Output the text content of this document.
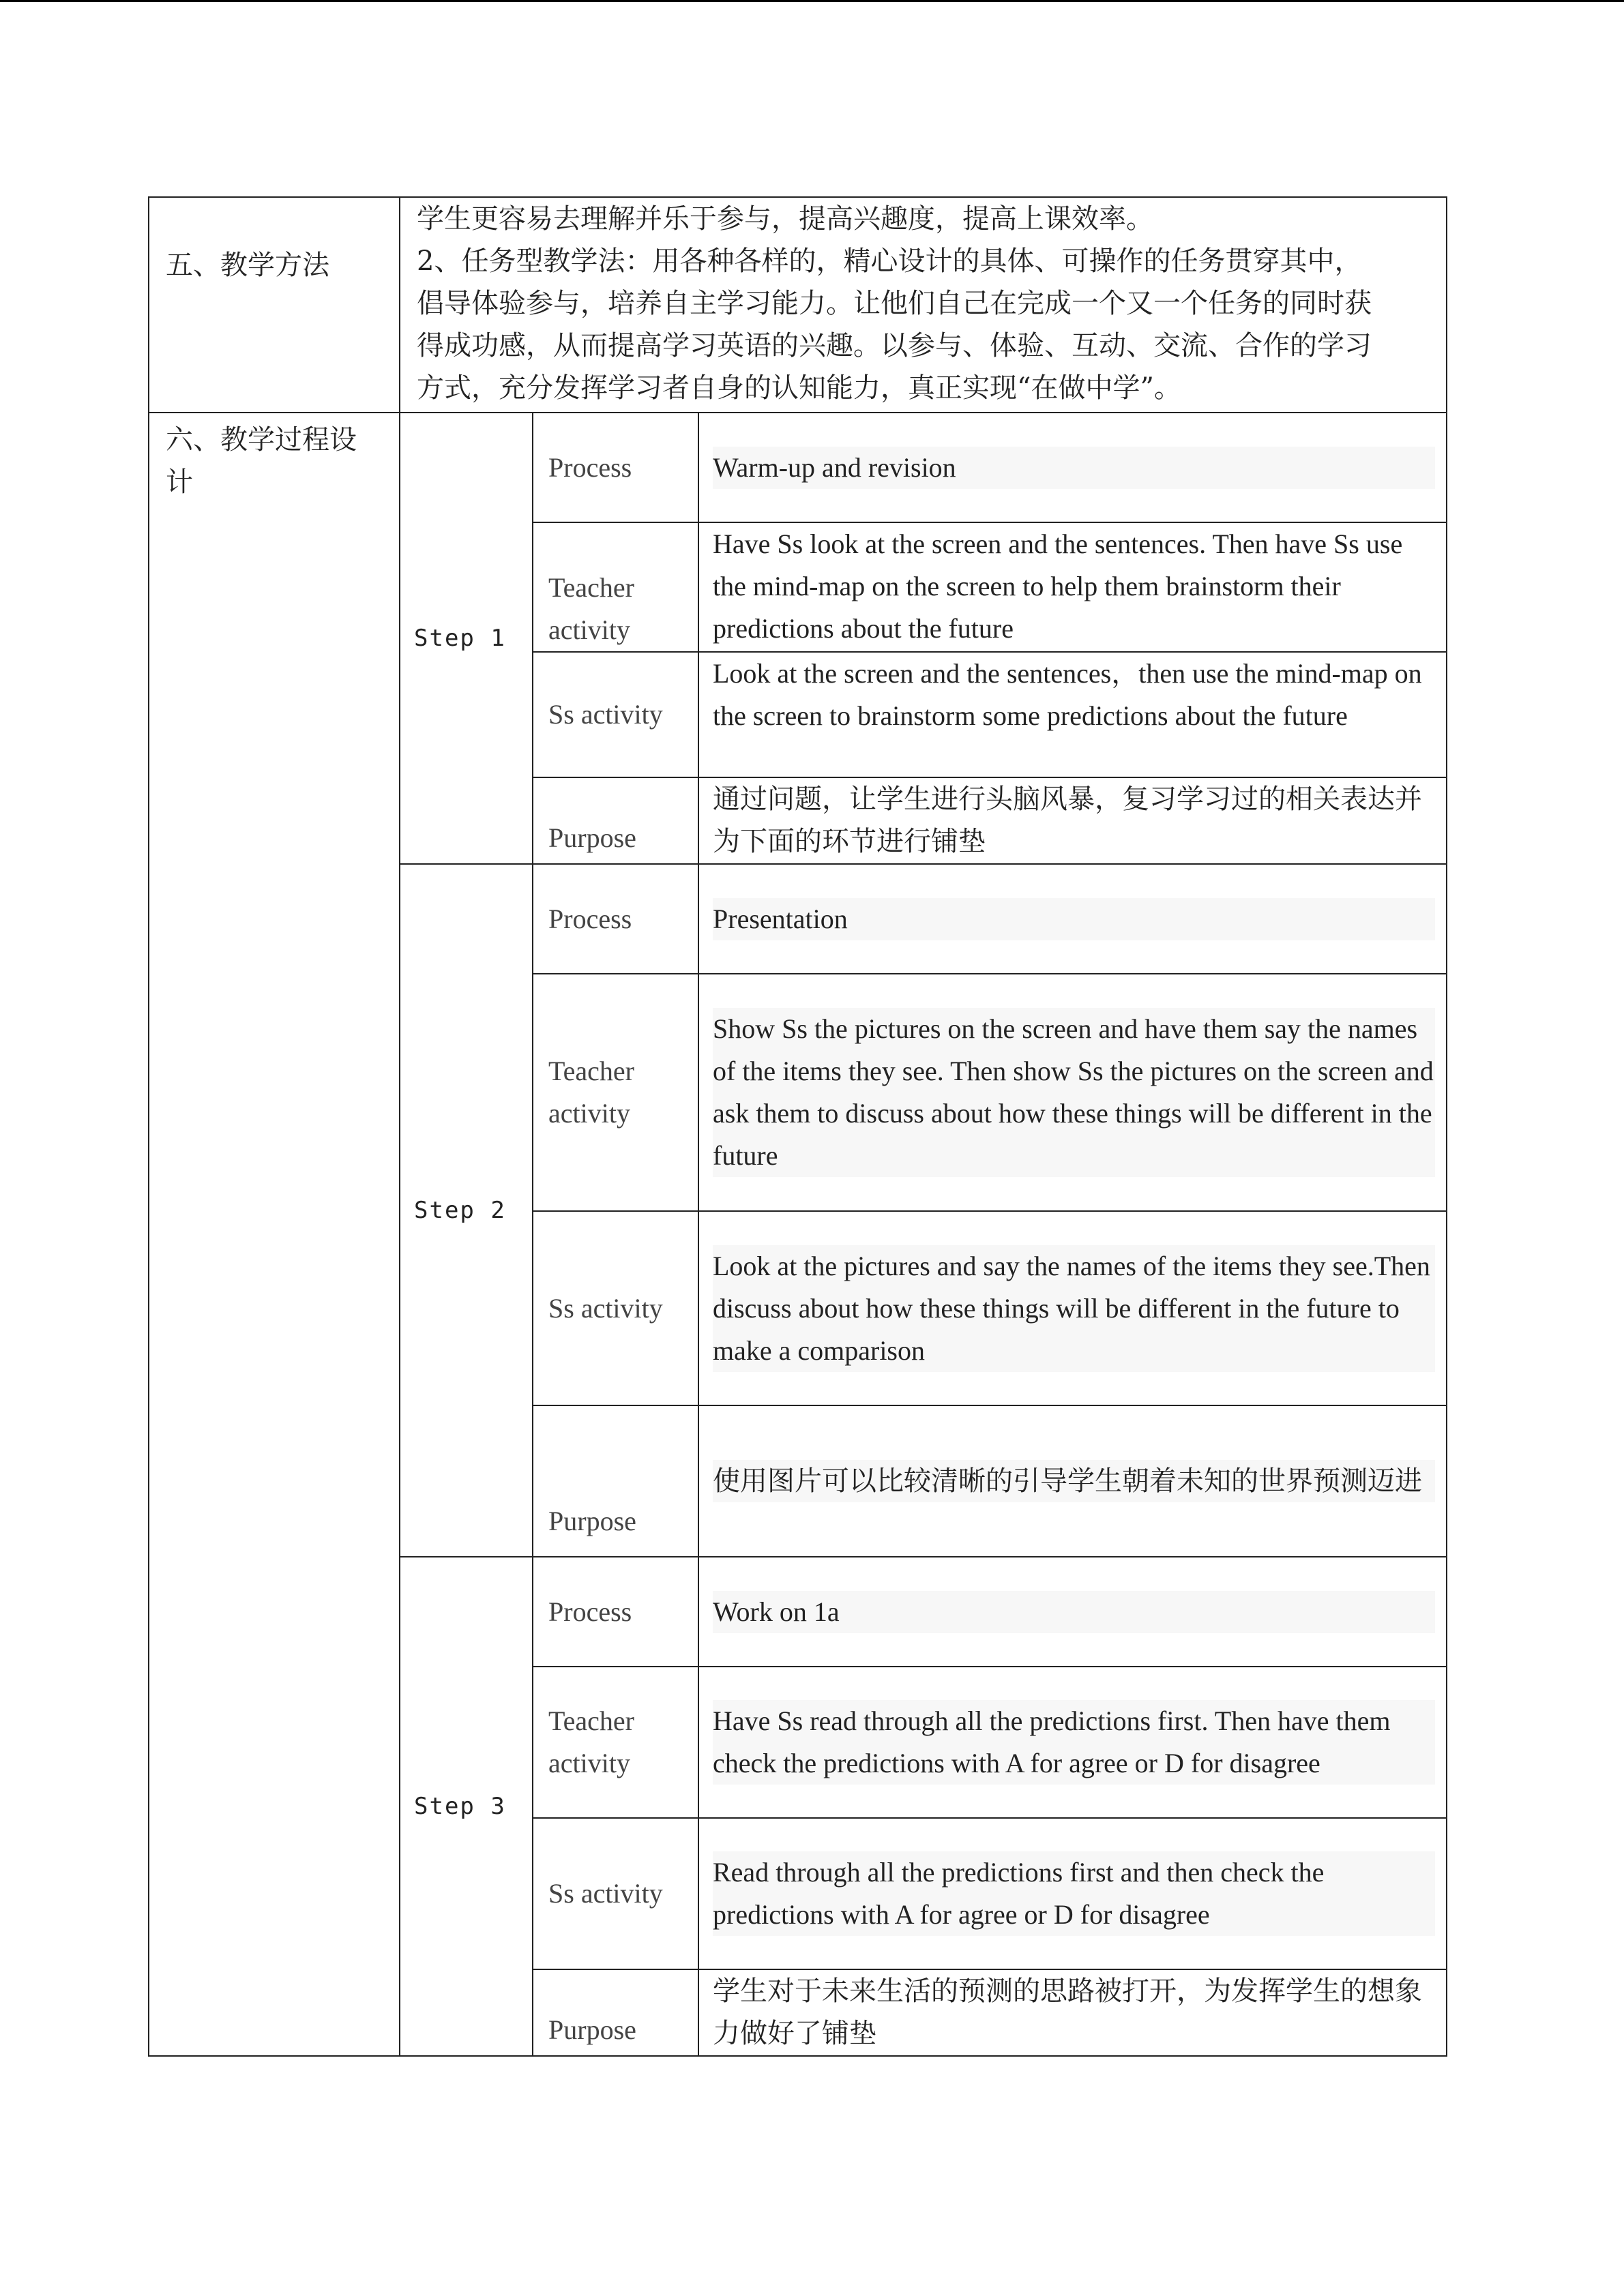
五、教学方法	学生更容易去理解并乐于参与，提高兴趣度，提高上课效率。
2、任务型教学法：用各种各样的，精心设计的具体、可操作的任务贯穿其中，
倡导体验参与，培养自主学习能力。让他们自己在完成一个又一个任务的同时获
得成功感，从而提高学习英语的兴趣。以参与、体验、互动、交流、合作的学习
方式，充分发挥学习者自身的认知能力，真正实现“在做中学”。		

六、教学过程设
计	Step 1	Process	Warm-up and revision

		Teacher
activity	Have Ss look at the screen and the sentences. Then have Ss use the mind-map on the screen to help them brainstorm their predictions about the future
		Ss activity	Look at the screen and the sentences，then use the mind-map on the screen to brainstorm some predictions about the future
		Purpose	通过问题，让学生进行头脑风暴，复习学习过的相关表达并为下面的环节进行铺垫
	Step 2	Process	Presentation

		Teacher
activity	Show Ss the pictures on the screen and have them say the names of the items they see. Then show Ss the pictures on the screen and ask them to discuss about how these things will be different in the future

		Ss activity	Look at the pictures and say the names of the items they see.Then discuss about how these things will be different in the future to make a comparison

		Purpose	使用图片可以比较清晰的引导学生朝着未知的世界预测迈进

	Step 3	Process	Work on 1a

		Teacher
activity	Have Ss read through all the predictions first. Then have them check the predictions with A for agree or D for disagree

		Ss activity	Read through all the predictions first and then check the predictions with A for agree or D for disagree

		Purpose	学生对于未来生活的预测的思路被打开，为发挥学生的想象力做好了铺垫
